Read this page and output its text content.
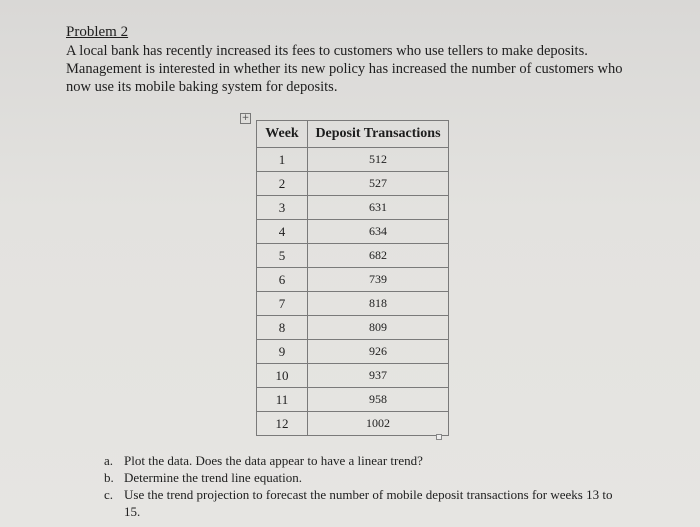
Problem 2

A local bank has recently increased its fees to customers who use tellers to make deposits.
Management is interested in whether its new policy has increased the number of customers who
now use its mobile baking system for deposits.

+
Week	Deposit Transactions
1	512
2	527
3	631
4	634
5	682
6	739
7	818
8	809
9	926
10	937
11	958
12	1002
a. Plot the data. Does the data appear to have a linear trend?
b. Determine the trend line equation.
c. Use the trend projection to forecast the number of mobile deposit transactions for weeks 13 to 15.
